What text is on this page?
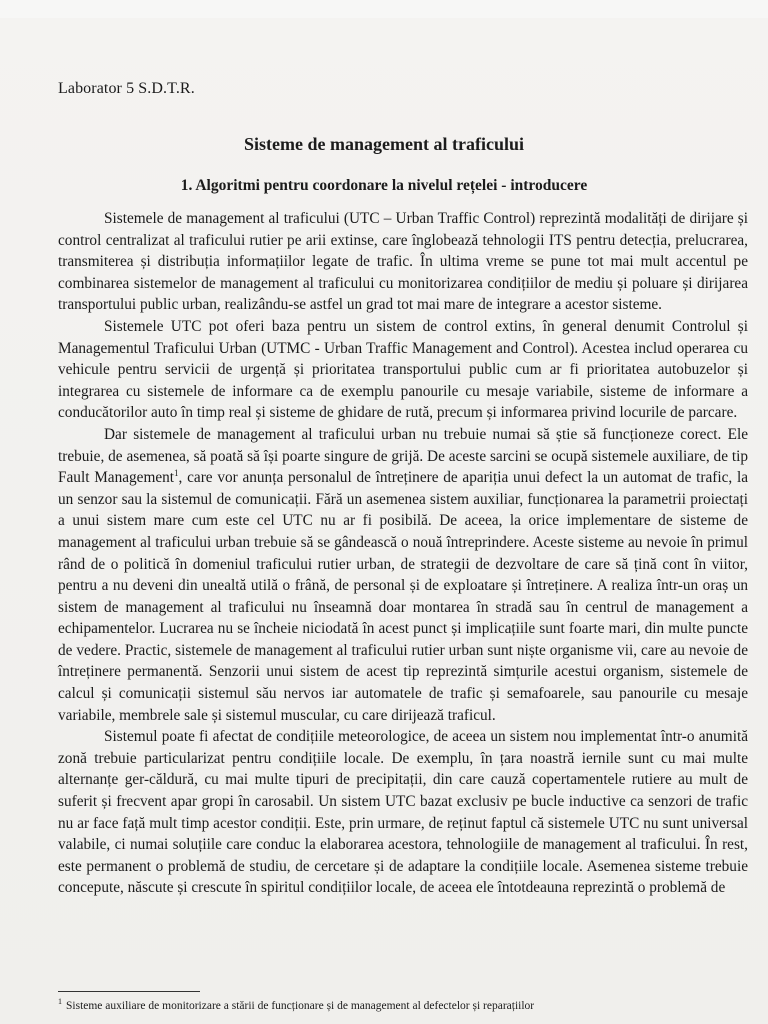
Laborator 5 S.D.T.R.
Sisteme de management al traficului
1. Algoritmi pentru coordonare la nivelul rețelei - introducere

Sistemele de management al traficului (UTC – Urban Traffic Control) reprezintă modalități de dirijare și control centralizat al traficului rutier pe arii extinse, care înglobează tehnologii ITS pentru detecția, prelucrarea, transmiterea și distribuția informațiilor legate de trafic. În ultima vreme se pune tot mai mult accentul pe combinarea sistemelor de management al traficului cu monitorizarea condițiilor de mediu și poluare și dirijarea transportului public urban, realizându-se astfel un grad tot mai mare de integrare a acestor sisteme.

Sistemele UTC pot oferi baza pentru un sistem de control extins, în general denumit Controlul și Managementul Traficului Urban (UTMC - Urban Traffic Management and Control). Acestea includ operarea cu vehicule pentru servicii de urgență și prioritatea transportului public cum ar fi prioritatea autobuzelor și integrarea cu sistemele de informare ca de exemplu panourile cu mesaje variabile, sisteme de informare a conducătorilor auto în timp real și sisteme de ghidare de rută, precum și informarea privind locurile de parcare.

Dar sistemele de management al traficului urban nu trebuie numai să știe să funcționeze corect. Ele trebuie, de asemenea, să poată să își poarte singure de grijă. De aceste sarcini se ocupă sistemele auxiliare, de tip Fault Management$^1$, care vor anunța personalul de întreținere de apariția unui defect la un automat de trafic, la un senzor sau la sistemul de comunicații. Fără un asemenea sistem auxiliar, funcționarea la parametrii proiectați a unui sistem mare cum este cel UTC nu ar fi posibilă. De aceea, la orice implementare de sisteme de management al traficului urban trebuie să se gândească o nouă întreprindere. Aceste sisteme au nevoie în primul rând de o politică în domeniul traficului rutier urban, de strategii de dezvoltare de care să țină cont în viitor, pentru a nu deveni din unealtă utilă o frână, de personal și de exploatare și întreținere. A realiza într-un oraș un sistem de management al traficului nu înseamnă doar montarea în stradă sau în centrul de management a echipamentelor. Lucrarea nu se încheie niciodată în acest punct și implicațiile sunt foarte mari, din multe puncte de vedere. Practic, sistemele de management al traficului rutier urban sunt niște organisme vii, care au nevoie de întreținere permanentă. Senzorii unui sistem de acest tip reprezintă simțurile acestui organism, sistemele de calcul și comunicații sistemul său nervos iar automatele de trafic și semafoarele, sau panourile cu mesaje variabile, membrele sale și sistemul muscular, cu care dirijează traficul.

Sistemul poate fi afectat de condițiile meteorologice, de aceea un sistem nou implementat într-o anumită zonă trebuie particularizat pentru condițiile locale. De exemplu, în țara noastră iernile sunt cu mai multe alternanțe ger-căldură, cu mai multe tipuri de precipitații, din care cauză copertamentele rutiere au mult de suferit și frecvent apar gropi în carosabil. Un sistem UTC bazat exclusiv pe bucle inductive ca senzori de trafic nu ar face față mult timp acestor condiții. Este, prin urmare, de reținut faptul că sistemele UTC nu sunt universal valabile, ci numai soluțiile care conduc la elaborarea acestora, tehnologiile de management al traficului. În rest, este permanent o problemă de studiu, de cercetare și de adaptare la condițiile locale. Asemenea sisteme trebuie concepute, născute și crescute în spiritul condițiilor locale, de aceea ele întotdeauna reprezintă o problemă de

$^1$ Sisteme auxiliare de monitorizare a stării de funcționare și de management al defectelor și reparațiilor
